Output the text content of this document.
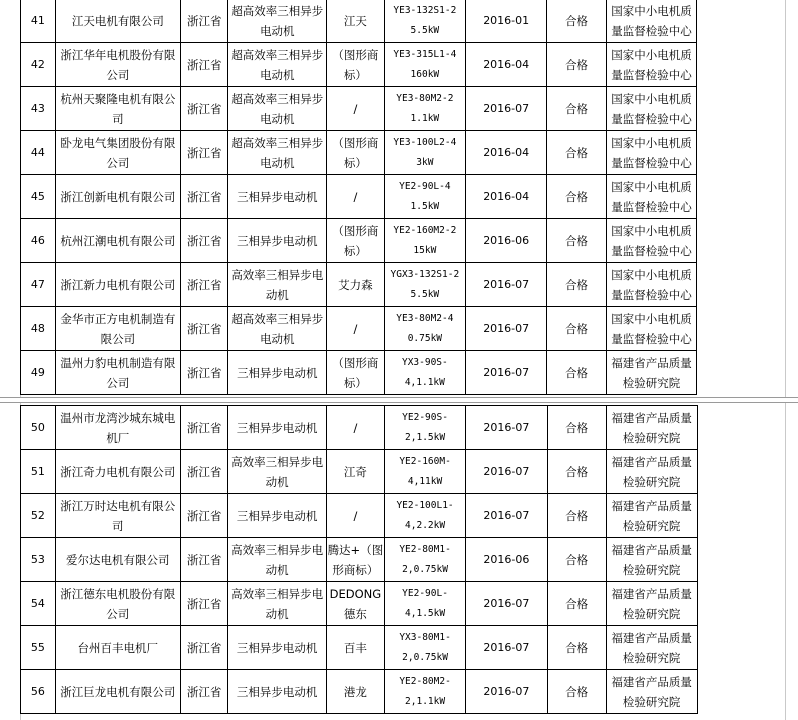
41	江天电机有限公司	浙江省	超高效率三相异步电动机	江天	YE3-132S1-2 5.5kW	2016-01	合格	国家中小电机质量监督检验中心	
42	浙江华年电机股份有限公司	浙江省	超高效率三相异步电动机	（图形商标）	YE3-315L1-4 160kW	2016-04	合格	国家中小电机质量监督检验中心	
43	杭州天聚隆电机有限公司	浙江省	超高效率三相异步电动机	/	YE3-80M2-2 1.1kW	2016-07	合格	国家中小电机质量监督检验中心	
44	卧龙电气集团股份有限公司	浙江省	超高效率三相异步电动机	（图形商标）	YE3-100L2-4 3kW	2016-04	合格	国家中小电机质量监督检验中心	
45	浙江创新电机有限公司	浙江省	三相异步电动机	/	YE2-90L-4 1.5kW	2016-04	合格	国家中小电机质量监督检验中心	
46	杭州江潮电机有限公司	浙江省	三相异步电动机	（图形商标）	YE2-160M2-2 15kW	2016-06	合格	国家中小电机质量监督检验中心	
47	浙江新力电机有限公司	浙江省	高效率三相异步电动机	艾力森	YGX3-132S1-2 5.5kW	2016-07	合格	国家中小电机质量监督检验中心	
48	金华市正方电机制造有限公司	浙江省	超高效率三相异步电动机	/	YE3-80M2-4 0.75kW	2016-07	合格	国家中小电机质量监督检验中心	
49	温州力豹电机制造有限公司	浙江省	三相异步电动机	（图形商标）	YX3-90S-4,1.1kW	2016-07	合格	福建省产品质量检验研究院	
50	温州市龙湾沙城东城电机厂	浙江省	三相异步电动机	/	YE2-90S-2,1.5kW	2016-07	合格	福建省产品质量检验研究院	
51	浙江奇力电机有限公司	浙江省	高效率三相异步电动机	江奇	YE2-160M-4,11kW	2016-07	合格	福建省产品质量检验研究院	
52	浙江万时达电机有限公司	浙江省	三相异步电动机	/	YE2-100L1-4,2.2kW	2016-07	合格	福建省产品质量检验研究院	
53	爱尔达电机有限公司	浙江省	高效率三相异步电动机	腾达+（图形商标）	YE2-80M1-2,0.75kW	2016-06	合格	福建省产品质量检验研究院	
54	浙江德东电机股份有限公司	浙江省	高效率三相异步电动机	DEDONG 德东	YE2-90L-4,1.5kW	2016-07	合格	福建省产品质量检验研究院	
55	台州百丰电机厂	浙江省	三相异步电动机	百丰	YX3-80M1-2,0.75kW	2016-07	合格	福建省产品质量检验研究院	
56	浙江巨龙电机有限公司	浙江省	三相异步电动机	港龙	YE2-80M2-2,1.1kW	2016-07	合格	福建省产品质量检验研究院	
